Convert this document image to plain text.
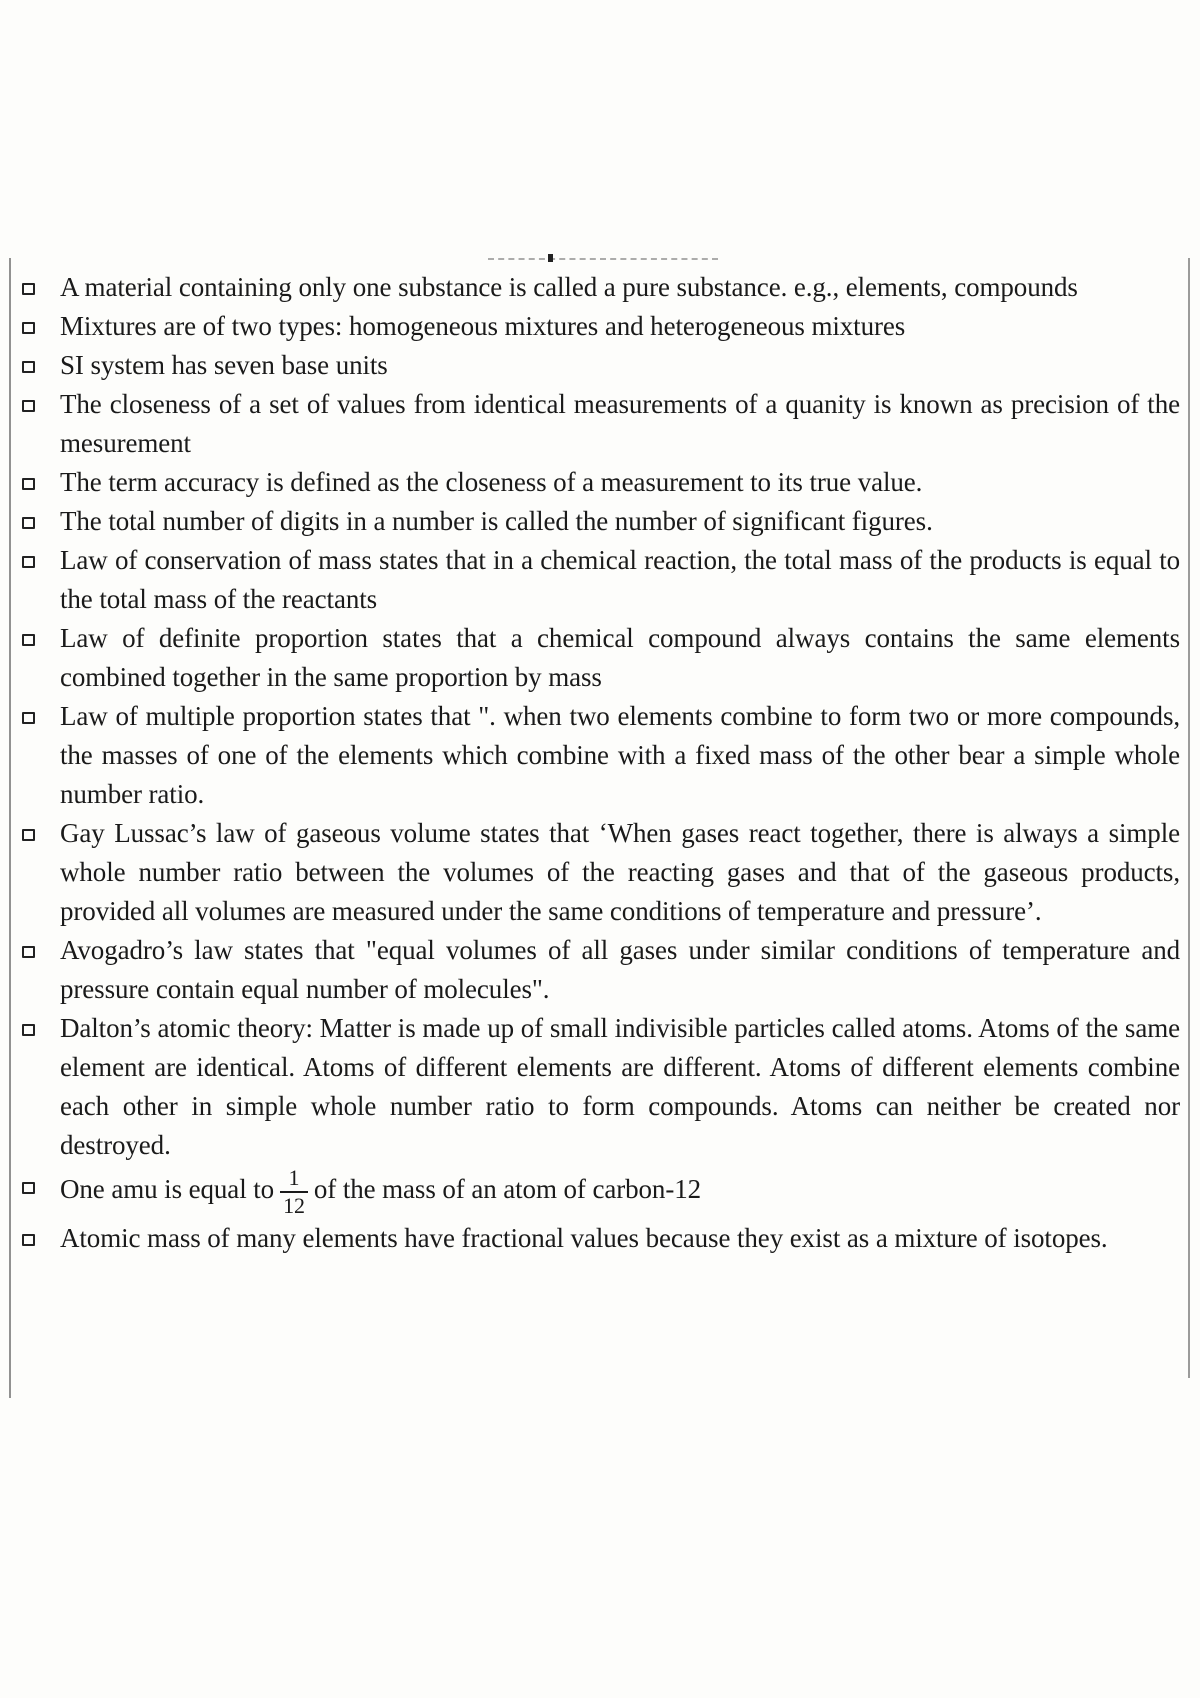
A material containing only one substance is called a pure substance. e.g., elements, compounds
Mixtures are of two types: homogeneous mixtures and heterogeneous mixtures
SI system has seven base units
The closeness of a set of values from identical measurements of a quanity is known as precision of the mesurement
The term accuracy is defined as the closeness of a measurement to its true value.
The total number of digits in a number is called the number of significant figures.
Law of conservation of mass states that in a chemical reaction, the total mass of the products is equal to the total mass of the reactants
Law of definite proportion states that a chemical compound always contains the same elements combined together in the same proportion by mass
Law of multiple proportion states that ". when two elements combine to form two or more compounds, the masses of one of the elements which combine with a fixed mass of the other bear a simple whole number ratio.
Gay Lussac’s law of gaseous volume states that ‘When gases react together, there is always a simple whole number ratio between the volumes of the reacting gases and that of the gaseous products, provided all volumes are measured under the same conditions of temperature and pressure’.
Avogadro’s law states that "equal volumes of all gases under similar conditions of temperature and pressure contain equal number of molecules".
Dalton’s atomic theory: Matter is made up of small indivisible particles called atoms. Atoms of the same element are identical. Atoms of different elements are different. Atoms of different elements combine each other in simple whole number ratio to form compounds. Atoms can neither be created nor destroyed.
One amu is equal to $\frac{1}{12}$ of the mass of an atom of carbon-12
Atomic mass of many elements have fractional values because they exist as a mixture of isotopes.
